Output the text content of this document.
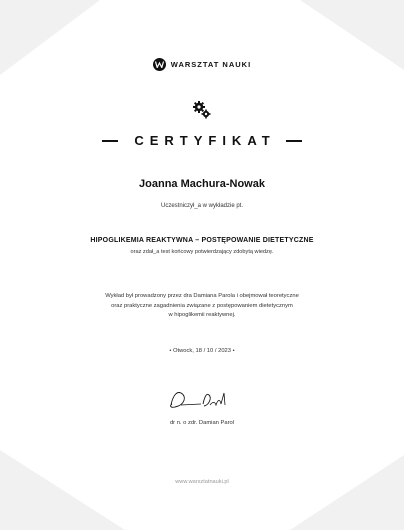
WARSZTAT NAUKI
CERTYFIKAT
Joanna Machura-Nowak
Uczestniczył_a w wykładzie pt.
HIPOGLIKEMIA REAKTYWNA – POSTĘPOWANIE DIETETYCZNE
oraz zdał_a test końcowy potwierdzający zdobytą wiedzę.
Wykład był prowadzony przez dra Damiana Parola i obejmował teoretyczne
oraz praktyczne zagadnienia związane z postępowaniem dietetycznym
w hipoglikemii reaktywnej.
• Otwock, 18 / 10 / 2023 •
dr n. o zdr. Damian Parol
www.warsztatnauki.pl
